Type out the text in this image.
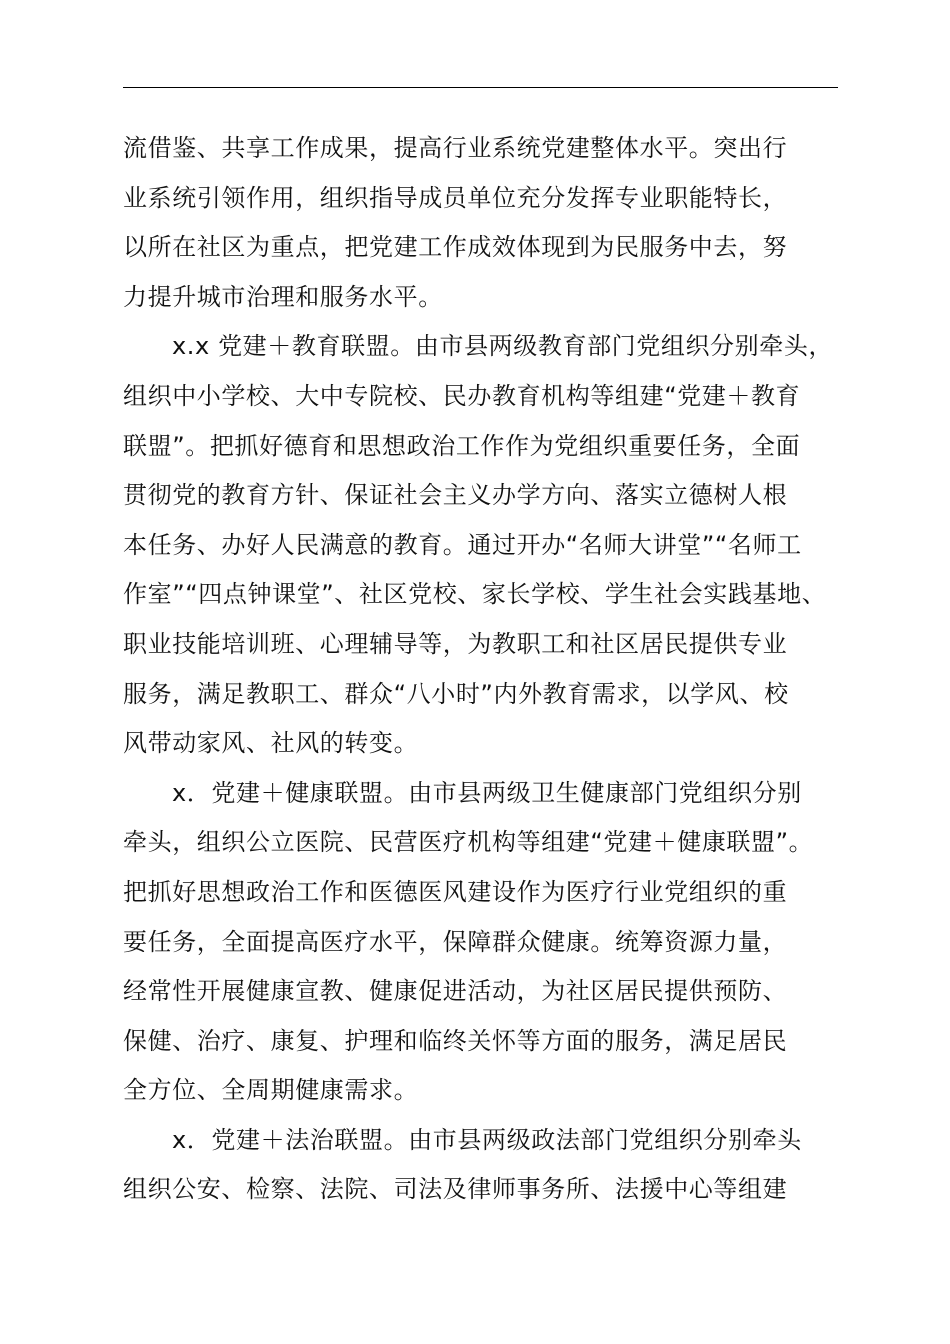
流借鉴、共享工作成果，提高行业系统党建整体水平。突出行
业系统引领作用，组织指导成员单位充分发挥专业职能特长，
以所在社区为重点，把党建工作成效体现到为民服务中去，努
力提升城市治理和服务水平。
x.x 党建＋教育联盟。由市县两级教育部门党组织分别牵头，
组织中小学校、大中专院校、民办教育机构等组建“党建＋教育
联盟”。把抓好德育和思想政治工作作为党组织重要任务，全面
贯彻党的教育方针、保证社会主义办学方向、落实立德树人根
本任务、办好人民满意的教育。通过开办“名师大讲堂”“名师工
作室”“四点钟课堂”、社区党校、家长学校、学生社会实践基地、
职业技能培训班、心理辅导等，为教职工和社区居民提供专业
服务，满足教职工、群众“八小时”内外教育需求，以学风、校
风带动家风、社风的转变。
x．党建＋健康联盟。由市县两级卫生健康部门党组织分别
牵头，组织公立医院、民营医疗机构等组建“党建＋健康联盟”。
把抓好思想政治工作和医德医风建设作为医疗行业党组织的重
要任务，全面提高医疗水平，保障群众健康。统筹资源力量，
经常性开展健康宣教、健康促进活动，为社区居民提供预防、
保健、治疗、康复、护理和临终关怀等方面的服务，满足居民
全方位、全周期健康需求。
x．党建＋法治联盟。由市县两级政法部门党组织分别牵头
组织公安、检察、法院、司法及律师事务所、法援中心等组建
